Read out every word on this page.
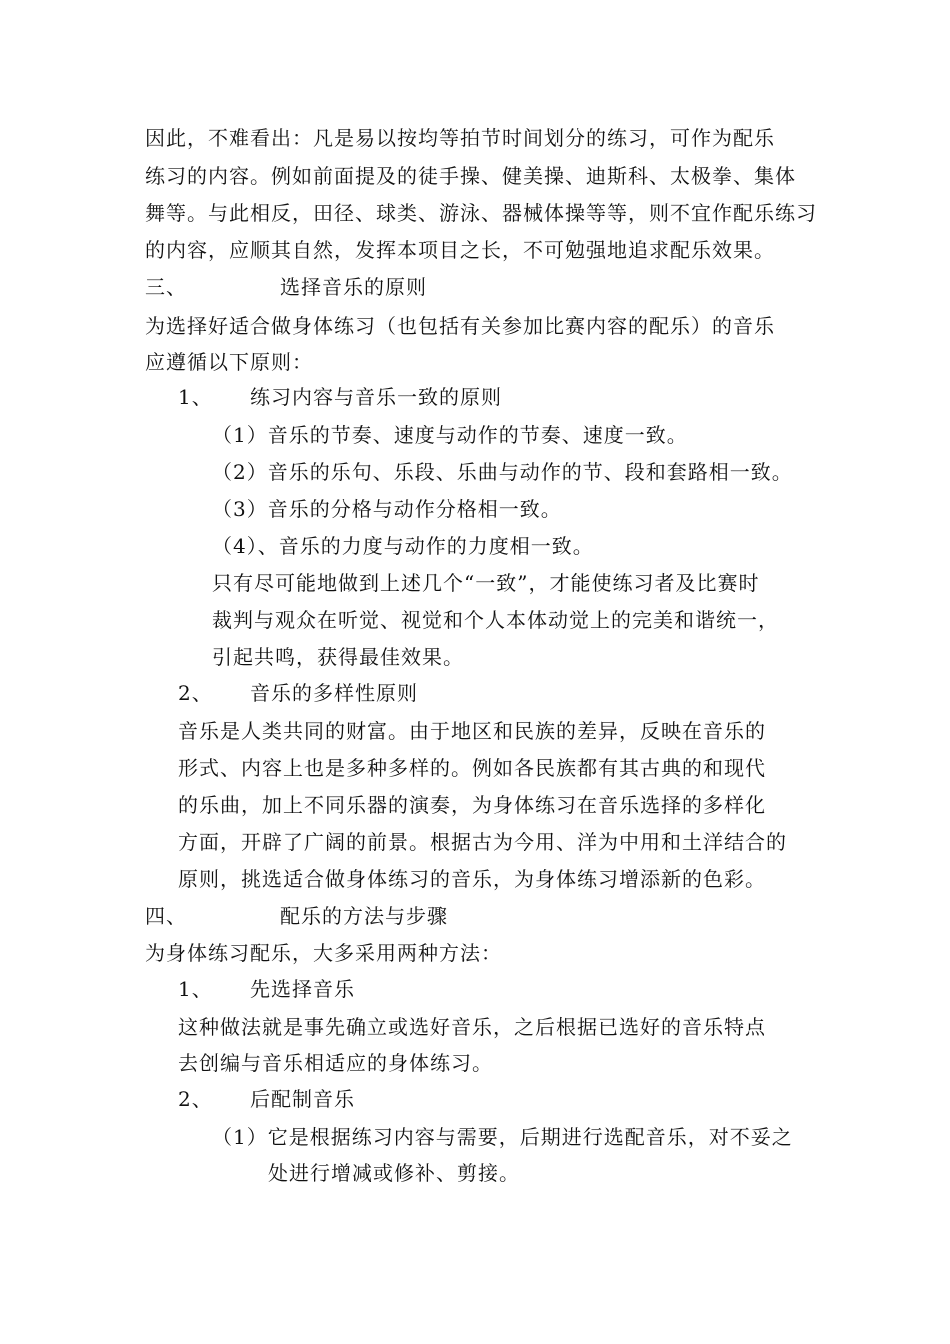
因此，不难看出：凡是易以按均等拍节时间划分的练习，可作为配乐
练习的内容。例如前面提及的徒手操、健美操、迪斯科、太极拳、集体
舞等。与此相反，田径、球类、游泳、器械体操等等，则不宜作配乐练习
的内容，应顺其自然，发挥本项目之长，不可勉强地追求配乐效果。
三、	选择音乐的原则
为选择好适合做身体练习（也包括有关参加比赛内容的配乐）的音乐
应遵循以下原则：
1、 练习内容与音乐一致的原则
（1）音乐的节奏、速度与动作的节奏、速度一致。
（2）音乐的乐句、乐段、乐曲与动作的节、段和套路相一致。
（3）音乐的分格与动作分格相一致。
（4）、音乐的力度与动作的力度相一致。
只有尽可能地做到上述几个“一致”，才能使练习者及比赛时
裁判与观众在听觉、视觉和个人本体动觉上的完美和谐统一，
引起共鸣，获得最佳效果。
2、 音乐的多样性原则
音乐是人类共同的财富。由于地区和民族的差异，反映在音乐的
形式、内容上也是多种多样的。例如各民族都有其古典的和现代
的乐曲，加上不同乐器的演奏，为身体练习在音乐选择的多样化
方面，开辟了广阔的前景。根据古为今用、洋为中用和土洋结合的
原则，挑选适合做身体练习的音乐，为身体练习增添新的色彩。
四、	配乐的方法与步骤
为身体练习配乐，大多采用两种方法：
1、 先选择音乐
这种做法就是事先确立或选好音乐，之后根据已选好的音乐特点
去创编与音乐相适应的身体练习。
2、 后配制音乐
（1）它是根据练习内容与需要，后期进行选配音乐，对不妥之
处进行增减或修补、剪接。
